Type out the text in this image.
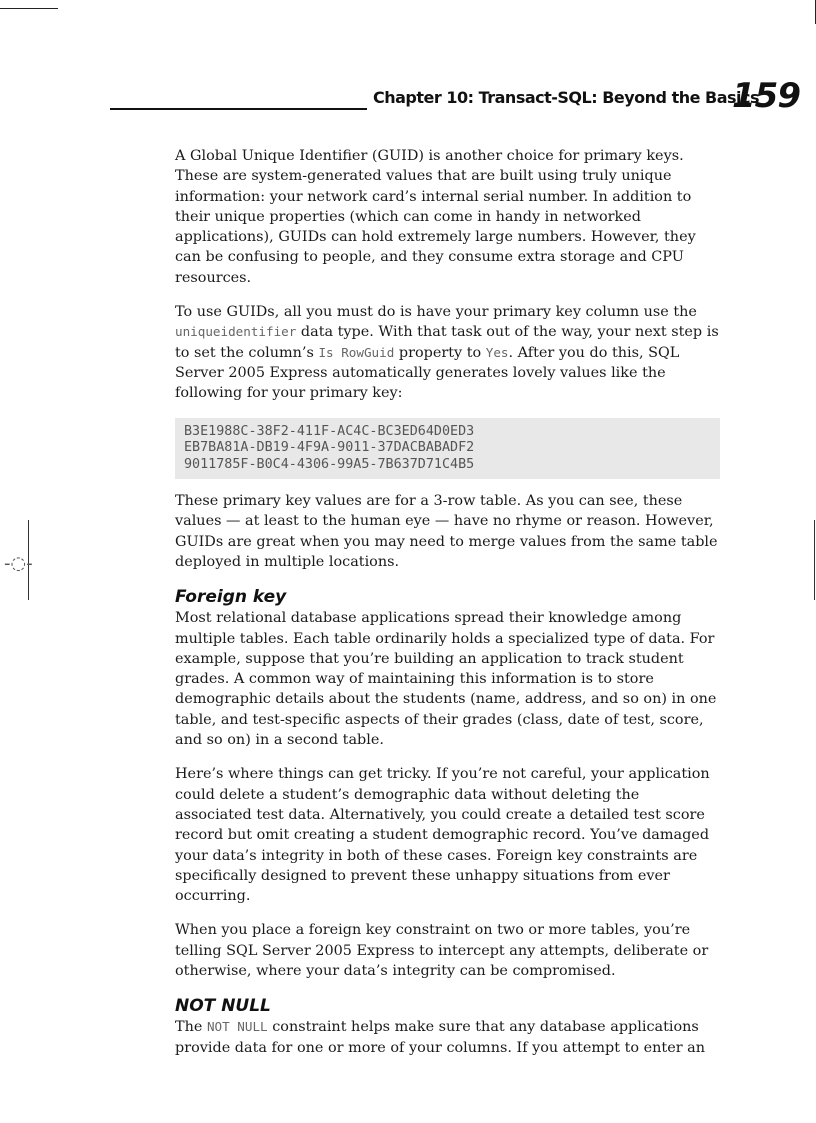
-◌-
Chapter 10: Transact-SQL: Beyond the Basics
159

A Global Unique Identifier (GUID) is another choice for primary keys. These are system-generated values that are built using truly unique information: your network card’s internal serial number. In addition to their unique properties (which can come in handy in networked applications), GUIDs can hold extremely large numbers. However, they can be confusing to people, and they consume extra storage and CPU resources.

To use GUIDs, all you must do is have your primary key column use the uniqueidentifier data type. With that task out of the way, your next step is to set the column’s Is RowGuid property to Yes. After you do this, SQL Server 2005 Express automatically generates lovely values like the following for your primary key:

B3E1988C-38F2-411F-AC4C-BC3ED64D0ED3
EB7BA81A-DB19-4F9A-9011-37DACBABADF2
9011785F-B0C4-4306-99A5-7B637D71C4B5

These primary key values are for a 3-row table. As you can see, these values — at least to the human eye — have no rhyme or reason. However, GUIDs are great when you may need to merge values from the same table deployed in multiple locations.

Foreign key

Most relational database applications spread their knowledge among multiple tables. Each table ordinarily holds a specialized type of data. For example, suppose that you’re building an application to track student grades. A common way of maintaining this information is to store demographic details about the students (name, address, and so on) in one table, and test-specific aspects of their grades (class, date of test, score, and so on) in a second table.

Here’s where things can get tricky. If you’re not careful, your application could delete a student’s demographic data without deleting the associated test data. Alternatively, you could create a detailed test score record but omit creating a student demographic record. You’ve damaged your data’s integrity in both of these cases. Foreign key constraints are specifically designed to prevent these unhappy situations from ever occurring.

When you place a foreign key constraint on two or more tables, you’re telling SQL Server 2005 Express to intercept any attempts, deliberate or otherwise, where your data’s integrity can be compromised.

NOT NULL

The NOT NULL constraint helps make sure that any database applications provide data for one or more of your columns. If you attempt to enter an
